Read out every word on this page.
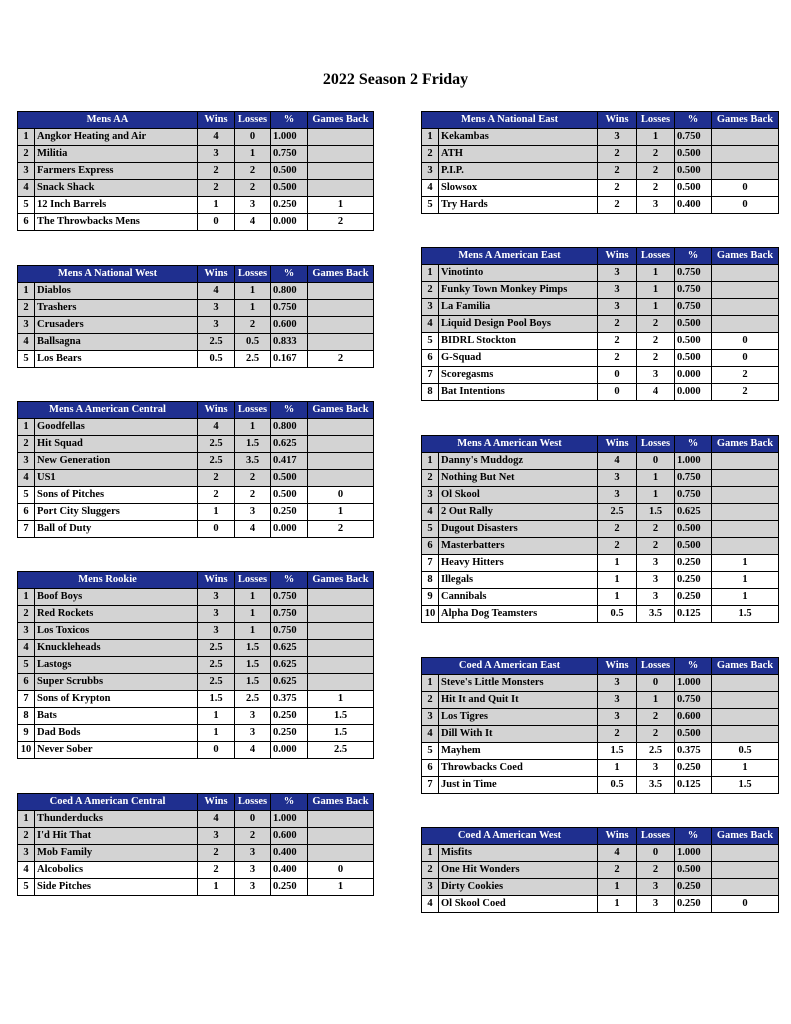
2022 Season 2 Friday
Mens AA		Wins	Losses	%	Games Back
1	Angkor Heating and Air	4	0	1.000	
2	Militia	3	1	0.750	
3	Farmers Express	2	2	0.500	
4	Snack Shack	2	2	0.500	
5	12 Inch Barrels	1	3	0.250	1
6	The Throwbacks Mens	0	4	0.000	2
Mens A National West		Wins	Losses	%	Games Back
1	Diablos	4	1	0.800	
2	Trashers	3	1	0.750	
3	Crusaders	3	2	0.600	
4	Ballsagna	2.5	0.5	0.833	
5	Los Bears	0.5	2.5	0.167	2
Mens A American Central		Wins	Losses	%	Games Back
1	Goodfellas	4	1	0.800	
2	Hit Squad	2.5	1.5	0.625	
3	New Generation	2.5	3.5	0.417	
4	US1	2	2	0.500	
5	Sons of Pitches	2	2	0.500	0
6	Port City Sluggers	1	3	0.250	1
7	Ball of Duty	0	4	0.000	2
Mens Rookie		Wins	Losses	%	Games Back
1	Boof Boys	3	1	0.750	
2	Red Rockets	3	1	0.750	
3	Los Toxicos	3	1	0.750	
4	Knuckleheads	2.5	1.5	0.625	
5	Lastogs	2.5	1.5	0.625	
6	Super Scrubbs	2.5	1.5	0.625	
7	Sons of Krypton	1.5	2.5	0.375	1
8	Bats	1	3	0.250	1.5
9	Dad Bods	1	3	0.250	1.5
10	Never Sober	0	4	0.000	2.5
Coed A American Central		Wins	Losses	%	Games Back
1	Thunderducks	4	0	1.000	
2	I'd Hit That	3	2	0.600	
3	Mob Family	2	3	0.400	
4	Alcobolics	2	3	0.400	0
5	Side Pitches	1	3	0.250	1
Mens A National East		Wins	Losses	%	Games Back
1	Kekambas	3	1	0.750	
2	ATH	2	2	0.500	
3	P.I.P.	2	2	0.500	
4	Slowsox	2	2	0.500	0
5	Try Hards	2	3	0.400	0
Mens A American East		Wins	Losses	%	Games Back
1	Vinotinto	3	1	0.750	
2	Funky Town Monkey Pimps	3	1	0.750	
3	La Familia	3	1	0.750	
4	Liquid Design Pool Boys	2	2	0.500	
5	BIDRL Stockton	2	2	0.500	0
6	G-Squad	2	2	0.500	0
7	Scoregasms	0	3	0.000	2
8	Bat Intentions	0	4	0.000	2
Mens A American West		Wins	Losses	%	Games Back
1	Danny's Muddogz	4	0	1.000	
2	Nothing But Net	3	1	0.750	
3	Ol Skool	3	1	0.750	
4	2 Out Rally	2.5	1.5	0.625	
5	Dugout Disasters	2	2	0.500	
6	Masterbatters	2	2	0.500	
7	Heavy Hitters	1	3	0.250	1
8	Illegals	1	3	0.250	1
9	Cannibals	1	3	0.250	1
10	Alpha Dog Teamsters	0.5	3.5	0.125	1.5
Coed A American East		Wins	Losses	%	Games Back
1	Steve's Little Monsters	3	0	1.000	
2	Hit It and Quit It	3	1	0.750	
3	Los Tigres	3	2	0.600	
4	Dill With It	2	2	0.500	
5	Mayhem	1.5	2.5	0.375	0.5
6	Throwbacks Coed	1	3	0.250	1
7	Just in Time	0.5	3.5	0.125	1.5
Coed A American West		Wins	Losses	%	Games Back
1	Misfits	4	0	1.000	
2	One Hit Wonders	2	2	0.500	
3	Dirty Cookies	1	3	0.250	
4	Ol Skool Coed	1	3	0.250	0
